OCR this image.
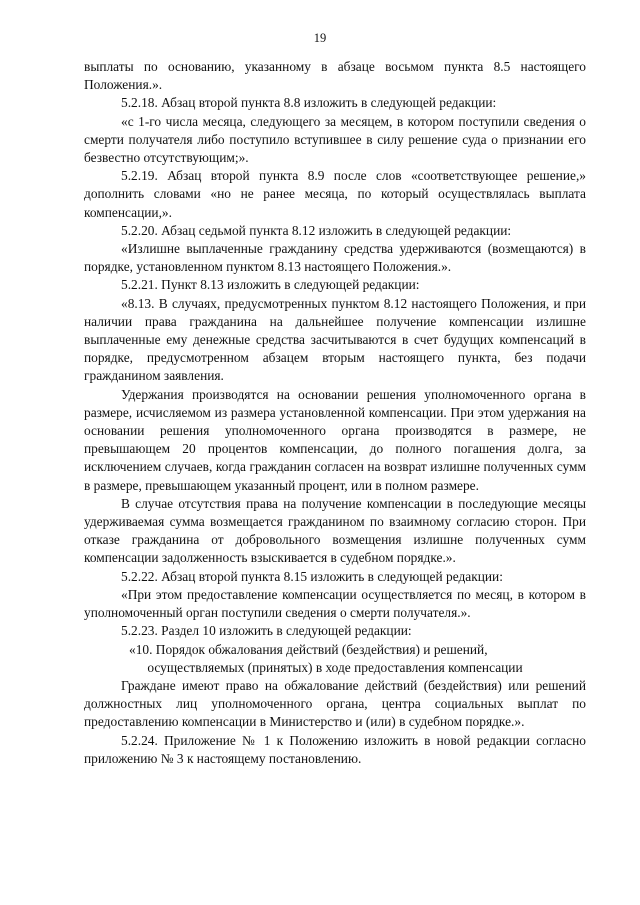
19

выплаты по основанию, указанному в абзаце восьмом пункта 8.5 настоящего Положения.».

5.2.18. Абзац второй пункта 8.8 изложить в следующей редакции:

«с 1-го числа месяца, следующего за месяцем, в котором поступили сведения о смерти получателя либо поступило вступившее в силу решение суда о признании его безвестно отсутствующим;».

5.2.19. Абзац второй пункта 8.9 после слов «соответствующее решение,» дополнить словами «но не ранее месяца, по который осуществлялась выплата компенсации,».

5.2.20. Абзац седьмой пункта 8.12 изложить в следующей редакции:

«Излишне выплаченные гражданину средства удерживаются (возмещаются) в порядке, установленном пунктом 8.13 настоящего Положения.».

5.2.21. Пункт 8.13 изложить в следующей редакции:

«8.13. В случаях, предусмотренных пунктом 8.12 настоящего Положения, и при наличии права гражданина на дальнейшее получение компенсации излишне выплаченные ему денежные средства засчитываются в счет будущих компенсаций в порядке, предусмотренном абзацем вторым настоящего пункта, без подачи гражданином заявления.

Удержания производятся на основании решения уполномоченного органа в размере, исчисляемом из размера установленной компенсации. При этом удержания на основании решения уполномоченного органа производятся в размере, не превышающем 20 процентов компенсации, до полного погашения долга, за исключением случаев, когда гражданин согласен на возврат излишне полученных сумм в размере, превышающем указанный процент, или в полном размере.

В случае отсутствия права на получение компенсации в последующие месяцы удерживаемая сумма возмещается гражданином по взаимному согласию сторон. При отказе гражданина от добровольного возмещения излишне полученных сумм компенсации задолженность взыскивается в судебном порядке.».

5.2.22. Абзац второй пункта 8.15 изложить в следующей редакции:

«При этом предоставление компенсации осуществляется по месяц, в котором в уполномоченный орган поступили сведения о смерти получателя.».

5.2.23. Раздел 10 изложить в следующей редакции:

«10. Порядок обжалования действий (бездействия) и решений,

осуществляемых (принятых) в ходе предоставления компенсации

Граждане имеют право на обжалование действий (бездействия) или решений должностных лиц уполномоченного органа, центра социальных выплат по предоставлению компенсации в Министерство и (или) в судебном порядке.».

5.2.24. Приложение № 1 к Положению изложить в новой редакции согласно приложению № 3 к настоящему постановлению.
